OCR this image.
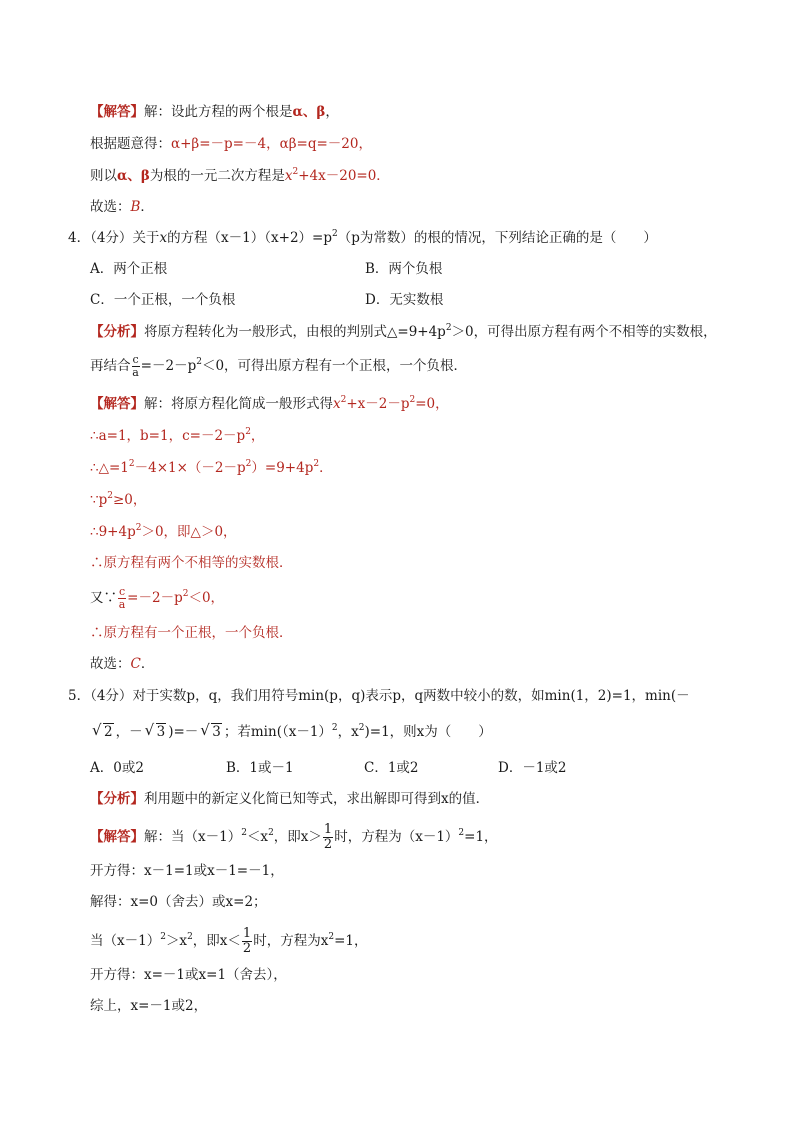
【解答】解：设此方程的两个根是α、β，
根据题意得：α+β=－p=－4，αβ=q=－20，
则以α、β为根的一元二次方程是$x^2+4x-20=0$．
故选：B．
4．（4分）关于x的方程$(x-1)(x+2)=p^2(p$为常数）的根的情况，下列结论正确的是（　　）
A．两个正根	B．两个负根
C．一个正根，一个负根	D．无实数根
【分析】将原方程转化为一般形式，由根的判别式$\triangle=9+4p^2>0$，可得出原方程有两个不相等的实数根，
再结合 $\frac{c}{a} =-2-p^2<0$，可得出原方程有一个正根，一个负根．
【解答】解：将原方程化简成一般形式得$x^2+x-2-p^2=0$，
∴a=1，b=1，$c=-2-p^2$，
$\therefore\triangle=1^2-4\times 1\times(-2-p^2)=9+4p^2$．
$\because p^2\ge 0$，
$\therefore 9+4p^2>0$，即△＞0，
∴原方程有两个不相等的实数根．
又∵ $\frac{c}{a} =-2-p^2<0$，
∴原方程有一个正根，一个负根．
故选：C．
5．（4分）对于实数p，q，我们用符号min(p，q)表示p，q两数中较小的数，如min(1，2)=1，min(－
√ 2 ，－ √ 3 )=－ √ 3 ；若$\min((x-1)^2$，$x^2)=1$，则x为（　　）
A．0或2	B．1或－1	C．1或2	D．－1或2
【分析】利用题中的新定义化简已知等式，求出解即可得到x的值．
【解答】解：当$(x-1)^2<x^2$，即$x> \frac{1}{2}$ 时，方程为$(x-1)^2=1$，
开方得：x－1=1或x－1=－1，
解得：x=0（舍去）或x=2；
当$(x-1)^2>x^2$，即$x< \frac{1}{2}$ 时，方程为$x^2=1$，
开方得：x=－1或x=1（舍去），
综上，x=－1或2，
